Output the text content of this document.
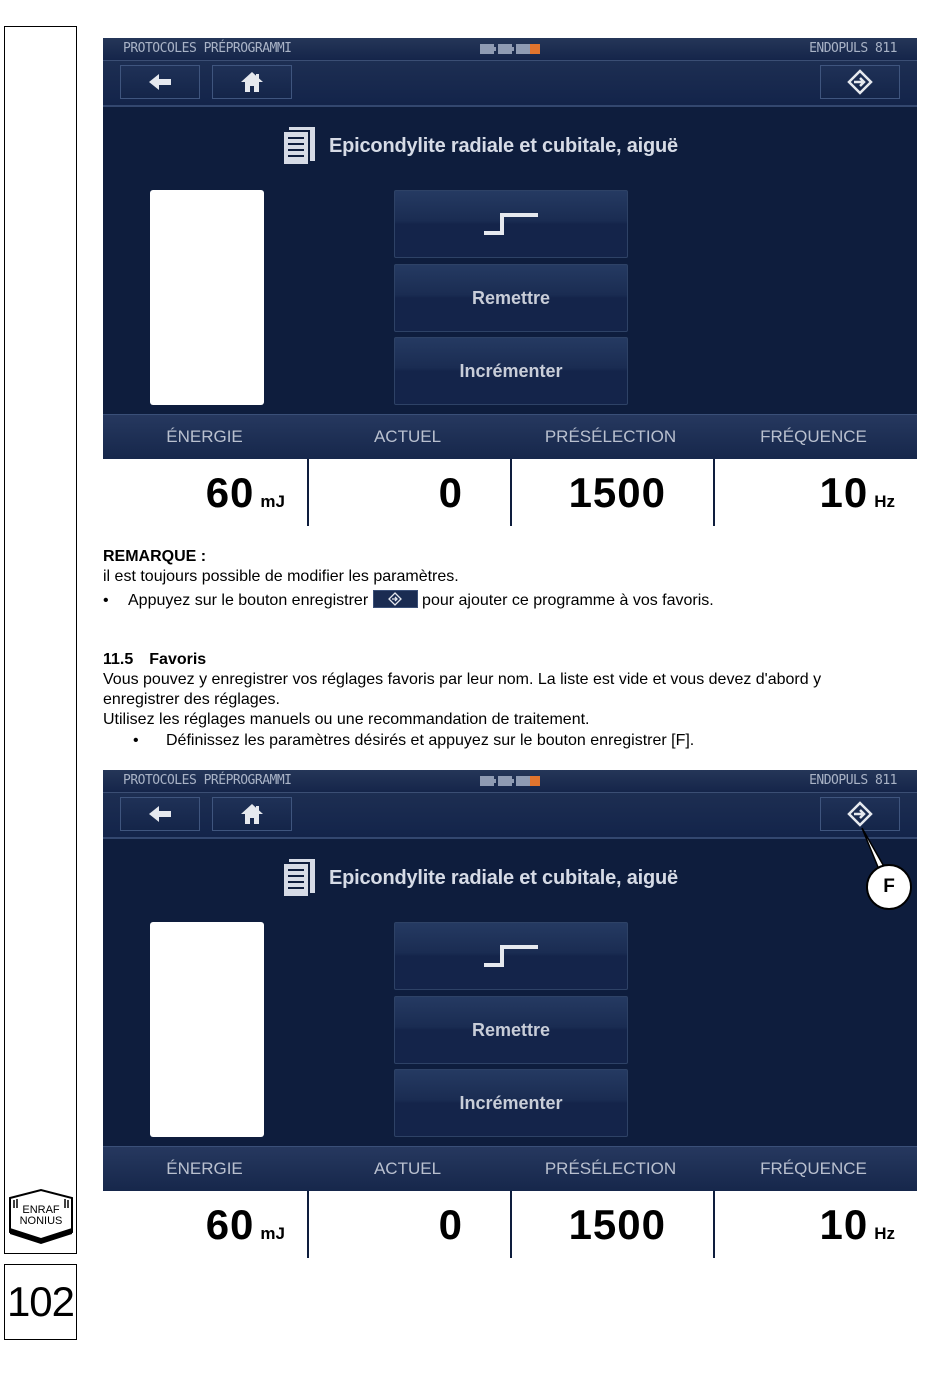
ENRAF
NONIUS
102
PROTOCOLES PRÉPROGRAMMI	ENDOPULS 811
Epicondylite radiale et cubitale, aiguë
Remettre
Incrémenter
ÉNERGIE	ACTUEL	PRÉSÉLECTION	FRÉQUENCE
60 mJ	0	1500	10 Hz
REMARQUE :
il est toujours possible de modifier les paramètres.
• Appuyez sur le bouton enregistrer	pour ajouter ce programme à vos favoris.
11.5 Favoris
Vous pouvez y enregistrer vos réglages favoris par leur nom. La liste est vide et vous devez d'abord y
enregistrer des réglages.
Utilisez les réglages manuels ou une recommandation de traitement.
• Définissez les paramètres désirés et appuyez sur le bouton enregistrer [F].
PROTOCOLES PRÉPROGRAMMI	ENDOPULS 811
Epicondylite radiale et cubitale, aiguë
Remettre
Incrémenter
ÉNERGIE	ACTUEL	PRÉSÉLECTION	FRÉQUENCE
60 mJ	0	1500	10 Hz
F
